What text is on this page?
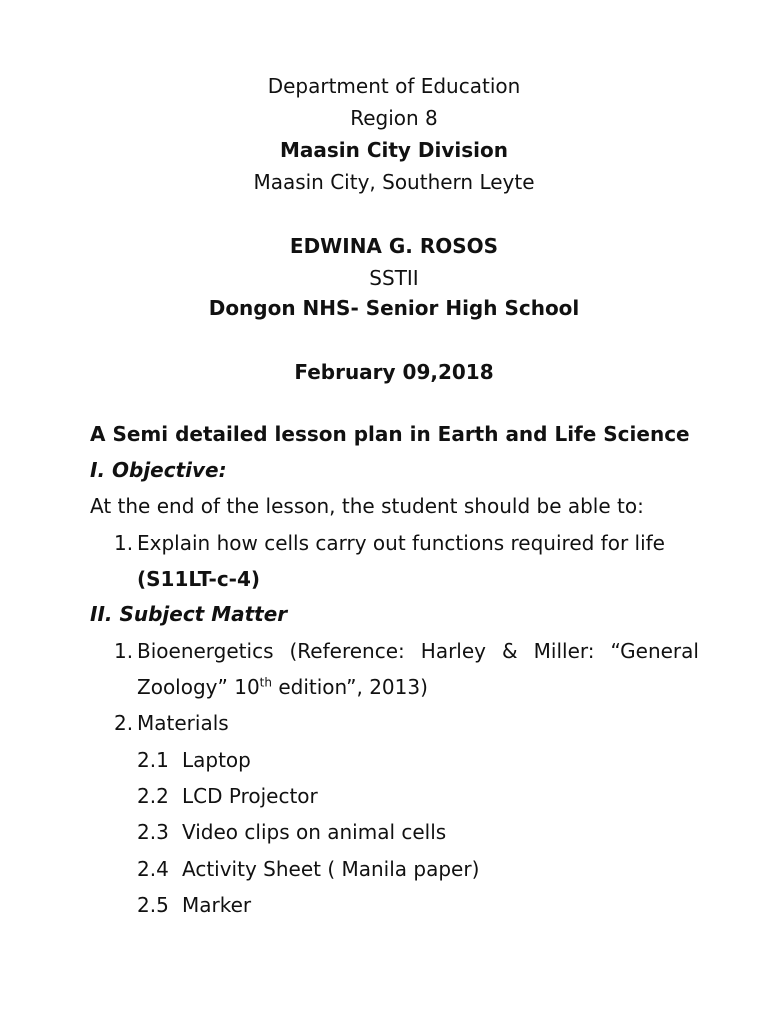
Department of Education
Region 8
Maasin City Division
Maasin City, Southern Leyte
EDWINA G. ROSOS
SSTII
Dongon NHS- Senior High School
February 09,2018
A Semi detailed lesson plan in Earth and Life Science
I. Objective:
At the end of the lesson, the student should be able to:
1. Explain how cells carry out functions required for life
(S11LT-c-4)
II. Subject Matter
1. Bioenergetics (Reference: Harley & Miller: “General
Zoology” 10th edition”, 2013)
2. Materials
2.1 Laptop
2.2 LCD Projector
2.3 Video clips on animal cells
2.4 Activity Sheet ( Manila paper)
2.5 Marker
